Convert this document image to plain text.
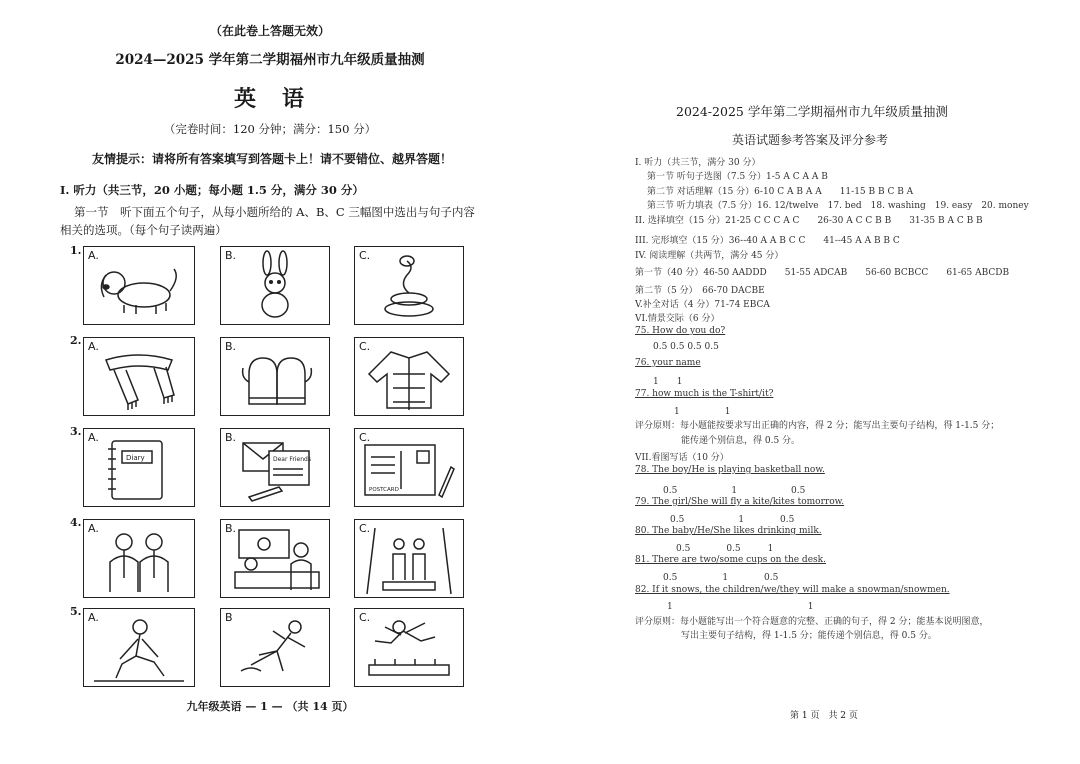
（在此卷上答题无效）
2024—2025 学年第二学期福州市九年级质量抽测
英　语
（完卷时间：120 分钟；满分：150 分）
友情提示：请将所有答案填写到答题卡上！请不要错位、越界答题！
I. 听力（共三节，20 小题；每小题 1.5 分，满分 30 分）
第一节　听下面五个句子，从每小题所给的 A、B、C 三幅图中选出与句子内容
相关的选项。（每个句子读两遍）
1. A.	B.	C.
2. A.	B.	C.
3. A.
Diary
B.
Dear Friends
C.
POSTCARD
4. A.	B.	C.
5. A.	B	C.
九年级英语 — 1 — （共 14 页）
2024-2025 学年第二学期福州市九年级质量抽测
英语试题参考答案及评分参考
I. 听力（共三节，满分 30 分）
第一节 听句子选图（7.5 分）1-5 A C A A B
第二节 对话理解（15 分）6-10 C A B A A　　11-15 B B C B A
第三节 听力填表（7.5 分）16. 12/twelve　17. bed　18. washing　19. easy　20. money
II. 选择填空（15 分）21-25 C C C A C　　26-30 A C C B B　　31-35 B A C B B
III. 完形填空（15 分）36--40 A A B C C　　41--45 A A B B C
IV. 阅读理解（共两节，满分 45 分）
第一节（40 分）46-50 AADDD　　51-55 ADCAB　　56-60 BCBCC　　61-65 ABCDB
第二节（5 分）　66-70 DACBE
V.补全对话（4 分）71-74 EBCA
VI.情景交际（6 分）
75. How do you do?
0.5 0.5 0.5 0.5
76. your name
1　　1
77. how much is the T-shirt/it?
1　　　　　1
评分原则：每小题能按要求写出正确的内容，得 2 分；能写出主要句子结构，得 1-1.5 分；
能传递个别信息，得 0.5 分。
VII.看图写话（10 分）
78. The boy/He is playing basketball now.
0.5　　　　　　1　　　　　　0.5
79. The girl/She will fly a kite/kites tomorrow.
0.5　　　　　　1　　　　0.5
80. The baby/He/She likes drinking milk.
0.5　　　　0.5　　　1
81. There are two/some cups on the desk.
0.5　　　　　1　　　　0.5
82. If it snows, the children/we/they will make a snowman/snowmen.
1　　　　　　　　　　　　　　　1
评分原则：每小题能写出一个符合题意的完整、正确的句子，得 2 分；能基本说明图意，
写出主要句子结构，得 1-1.5 分；能传递个别信息，得 0.5 分。
第 1 页　共 2 页
